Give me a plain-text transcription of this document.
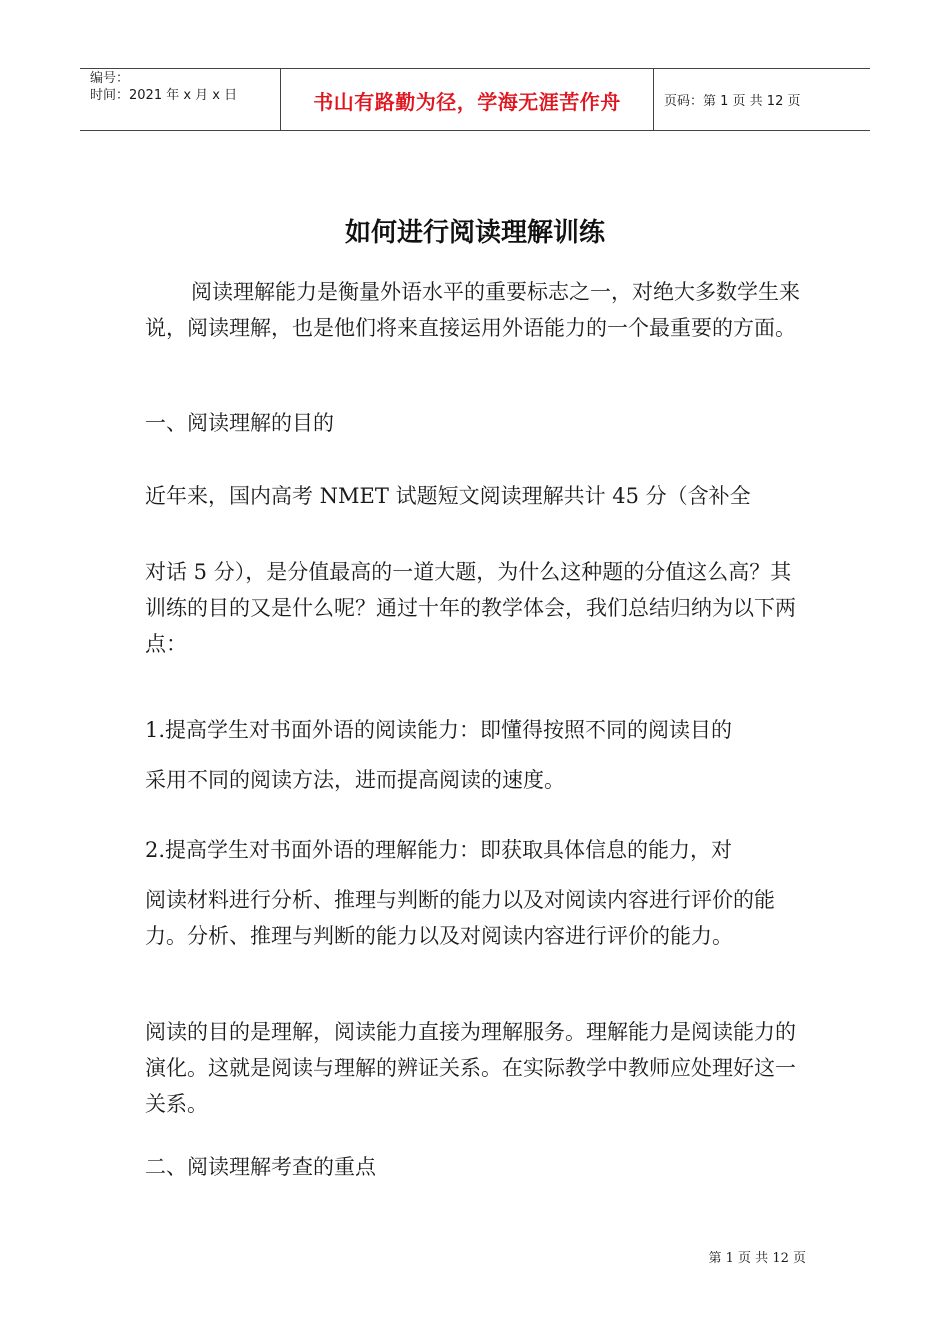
编号：
时间：2021 年 x 月 x 日	书山有路勤为径，学海无涯苦作舟	页码：第 1 页 共 12 页
如何进行阅读理解训练

阅读理解能力是衡量外语水平的重要标志之一，对绝大多数学生来说，阅读理解，也是他们将来直接运用外语能力的一个最重要的方面。

一、阅读理解的目的

近年来，国内高考 NMET 试题短文阅读理解共计 45 分（含补全

对话 5 分），是分值最高的一道大题，为什么这种题的分值这么高？其训练的目的又是什么呢？通过十年的教学体会，我们总结归纳为以下两点：

1.提高学生对书面外语的阅读能力：即懂得按照不同的阅读目的

采用不同的阅读方法，进而提高阅读的速度。

2.提高学生对书面外语的理解能力：即获取具体信息的能力，对

阅读材料进行分析、推理与判断的能力以及对阅读内容进行评价的能力。分析、推理与判断的能力以及对阅读内容进行评价的能力。

阅读的目的是理解，阅读能力直接为理解服务。理解能力是阅读能力的演化。这就是阅读与理解的辨证关系。在实际教学中教师应处理好这一关系。

二、阅读理解考查的重点

第 1 页 共 12 页
